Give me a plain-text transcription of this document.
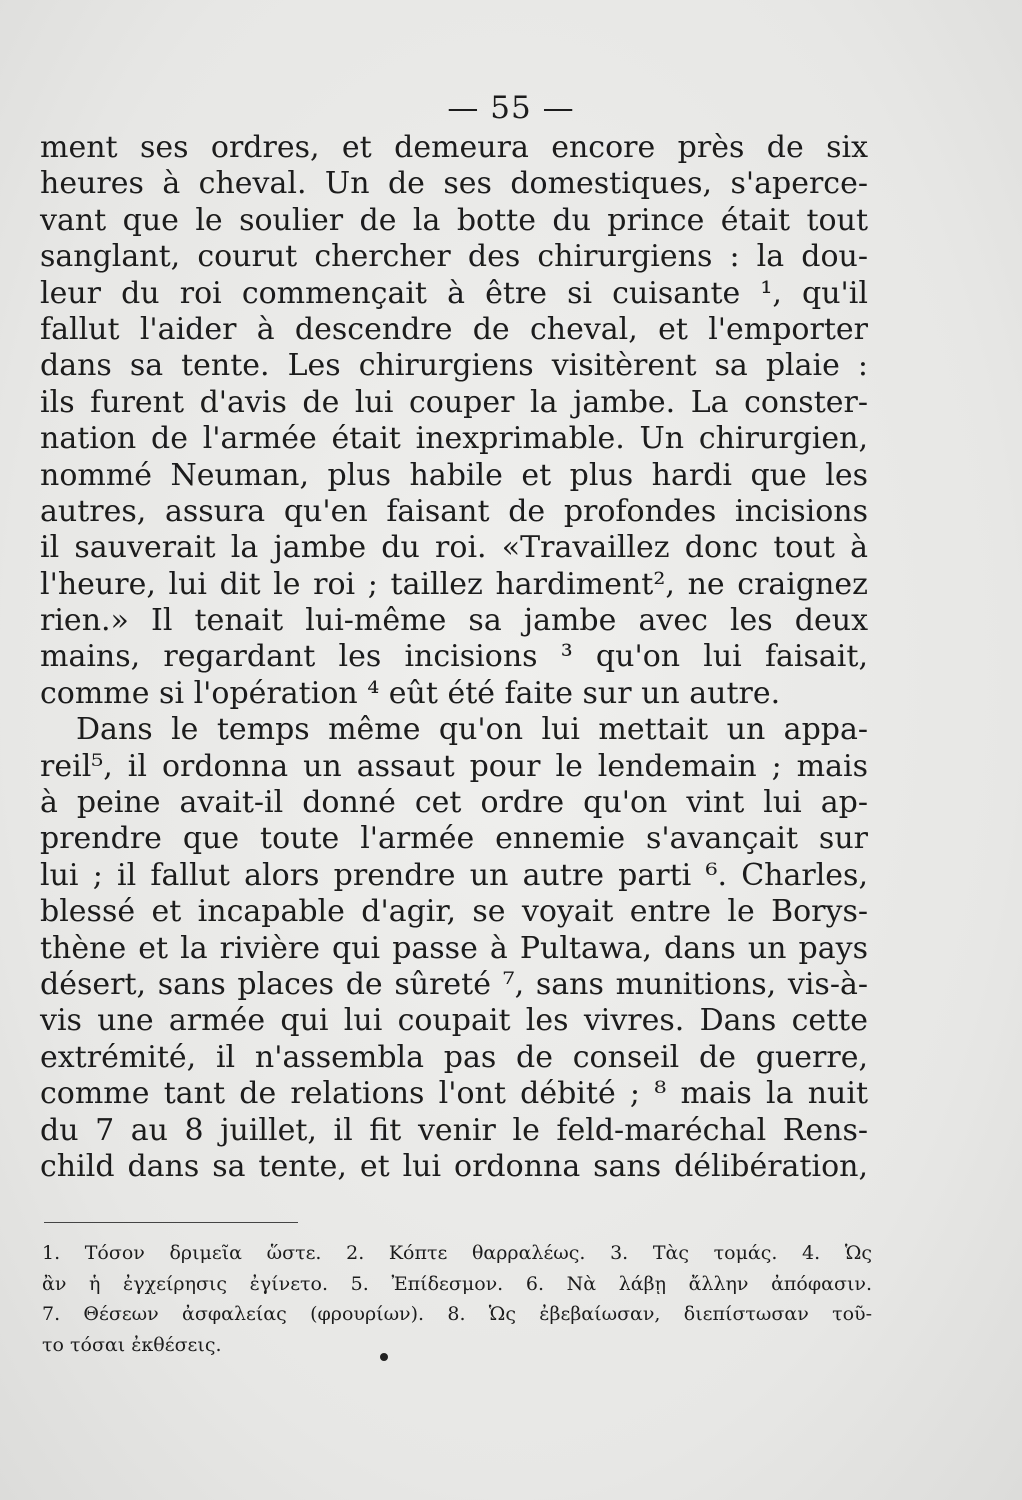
— 55 —
ment ses ordres, et demeura encore près de six
heures à cheval. Un de ses domestiques, s'aperce-
vant que le soulier de la botte du prince était tout
sanglant, courut chercher des chirurgiens : la dou-
leur du roi commençait à être si cuisante ¹, qu'il
fallut l'aider à descendre de cheval, et l'emporter
dans sa tente. Les chirurgiens visitèrent sa plaie :
ils furent d'avis de lui couper la jambe. La conster-
nation de l'armée était inexprimable. Un chirurgien,
nommé Neuman, plus habile et plus hardi que les
autres, assura qu'en faisant de profondes incisions
il sauverait la jambe du roi. «Travaillez donc tout à
l'heure, lui dit le roi ; taillez hardiment², ne craignez
rien.» Il tenait lui-même sa jambe avec les deux
mains, regardant les incisions ³ qu'on lui faisait,
comme si l'opération ⁴ eût été faite sur un autre.
Dans le temps même qu'on lui mettait un appa-
reil⁵, il ordonna un assaut pour le lendemain ; mais
à peine avait-il donné cet ordre qu'on vint lui ap-
prendre que toute l'armée ennemie s'avançait sur
lui ; il fallut alors prendre un autre parti ⁶. Charles,
blessé et incapable d'agir, se voyait entre le Borys-
thène et la rivière qui passe à Pultawa, dans un pays
désert, sans places de sûreté ⁷, sans munitions, vis-à-
vis une armée qui lui coupait les vivres. Dans cette
extrémité, il n'assembla pas de conseil de guerre,
comme tant de relations l'ont débité ; ⁸ mais la nuit
du 7 au 8 juillet, il fit venir le feld-maréchal Rens-
child dans sa tente, et lui ordonna sans délibération,
1. Τόσον δριμεῖα ὥστε. 2. Κόπτε θαρραλέως. 3. Τὰς τομάς. 4. Ὡς
ἂν ἡ ἐγχείρησις ἐγίνετο. 5. Ἐπίδεσμον. 6. Νὰ λάβῃ ἄλλην ἀπόφασιν.
7. Θέσεων ἀσφαλείας (φρουρίων). 8. Ὡς ἐβεβαίωσαν, διεπίστωσαν τοῦ-
το τόσαι ἐκθέσεις.
